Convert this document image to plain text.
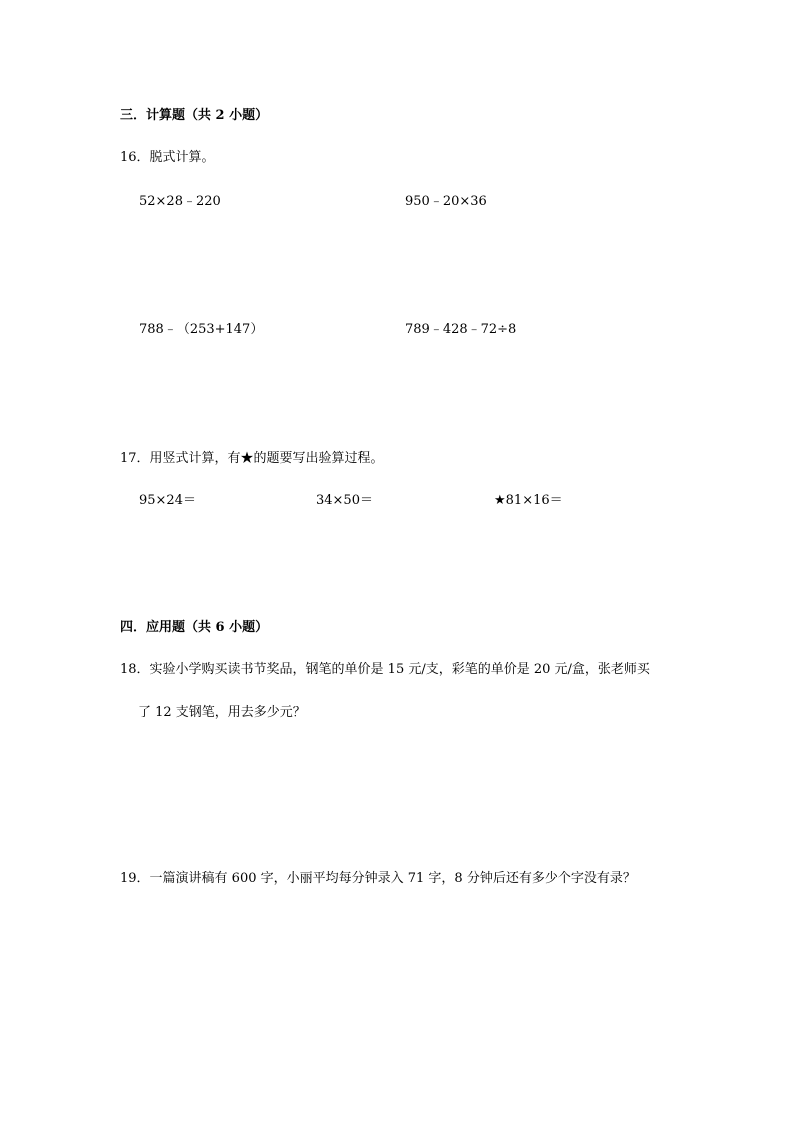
三．计算题（共 2 小题）
16．脱式计算。
52×28﹣220	950﹣20×36
788﹣（253+147）	789﹣428﹣72÷8
17．用竖式计算，有★的题要写出验算过程。
95×24＝	34×50＝	★81×16＝
四．应用题（共 6 小题）
18．实验小学购买读书节奖品，钢笔的单价是 15 元/支，彩笔的单价是 20 元/盒，张老师买
了 12 支钢笔，用去多少元？
19．一篇演讲稿有 600 字，小丽平均每分钟录入 71 字，8 分钟后还有多少个字没有录？
